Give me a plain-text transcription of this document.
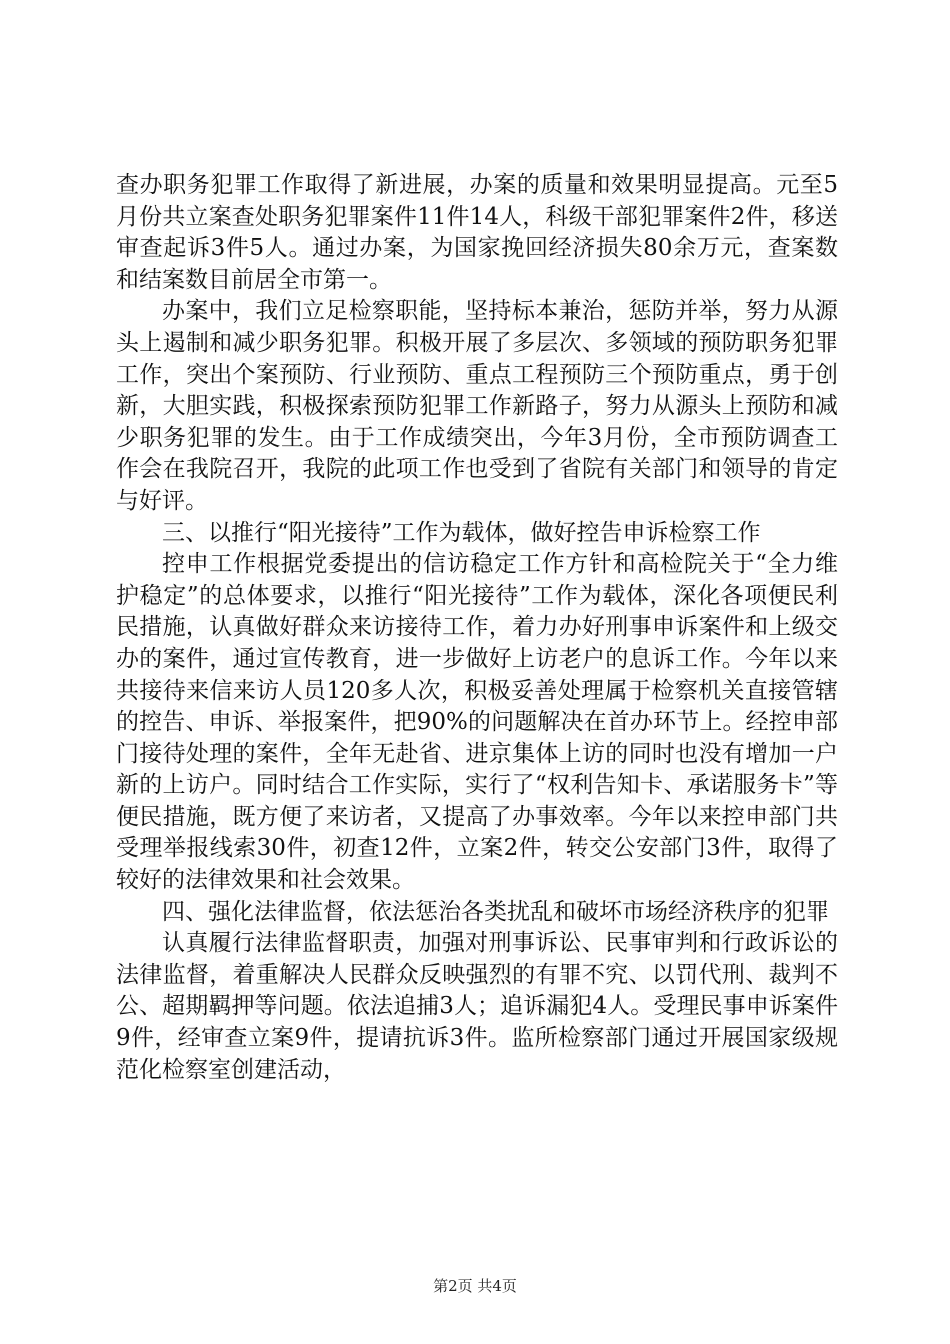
查办职务犯罪工作取得了新进展，办案的质量和效果明显提高。元至5月份共立案查处职务犯罪案件11件14人，科级干部犯罪案件2件，移送审查起诉3件5人。通过办案，为国家挽回经济损失80余万元，查案数和结案数目前居全市第一。

办案中，我们立足检察职能，坚持标本兼治，惩防并举，努力从源头上遏制和减少职务犯罪。积极开展了多层次、多领域的预防职务犯罪工作，突出个案预防、行业预防、重点工程预防三个预防重点，勇于创新，大胆实践，积极探索预防犯罪工作新路子，努力从源头上预防和减少职务犯罪的发生。由于工作成绩突出，今年3月份，全市预防调查工作会在我院召开，我院的此项工作也受到了省院有关部门和领导的肯定与好评。

三、以推行“阳光接待”工作为载体，做好控告申诉检察工作

控申工作根据党委提出的信访稳定工作方针和高检院关于“全力维护稳定”的总体要求，以推行“阳光接待”工作为载体，深化各项便民利民措施，认真做好群众来访接待工作，着力办好刑事申诉案件和上级交办的案件，通过宣传教育，进一步做好上访老户的息诉工作。今年以来共接待来信来访人员120多人次，积极妥善处理属于检察机关直接管辖的控告、申诉、举报案件，把90%的问题解决在首办环节上。经控申部门接待处理的案件，全年无赴省、进京集体上访的同时也没有增加一户新的上访户。同时结合工作实际，实行了“权利告知卡、承诺服务卡”等便民措施，既方便了来访者，又提高了办事效率。今年以来控申部门共受理举报线索30件，初查12件，立案2件，转交公安部门3件，取得了较好的法律效果和社会效果。

四、强化法律监督，依法惩治各类扰乱和破坏市场经济秩序的犯罪

认真履行法律监督职责，加强对刑事诉讼、民事审判和行政诉讼的法律监督，着重解决人民群众反映强烈的有罪不究、以罚代刑、裁判不公、超期羁押等问题。依法追捕3人；追诉漏犯4人。受理民事申诉案件9件，经审查立案9件，提请抗诉3件。监所检察部门通过开展国家级规范化检察室创建活动，

第2页 共4页
